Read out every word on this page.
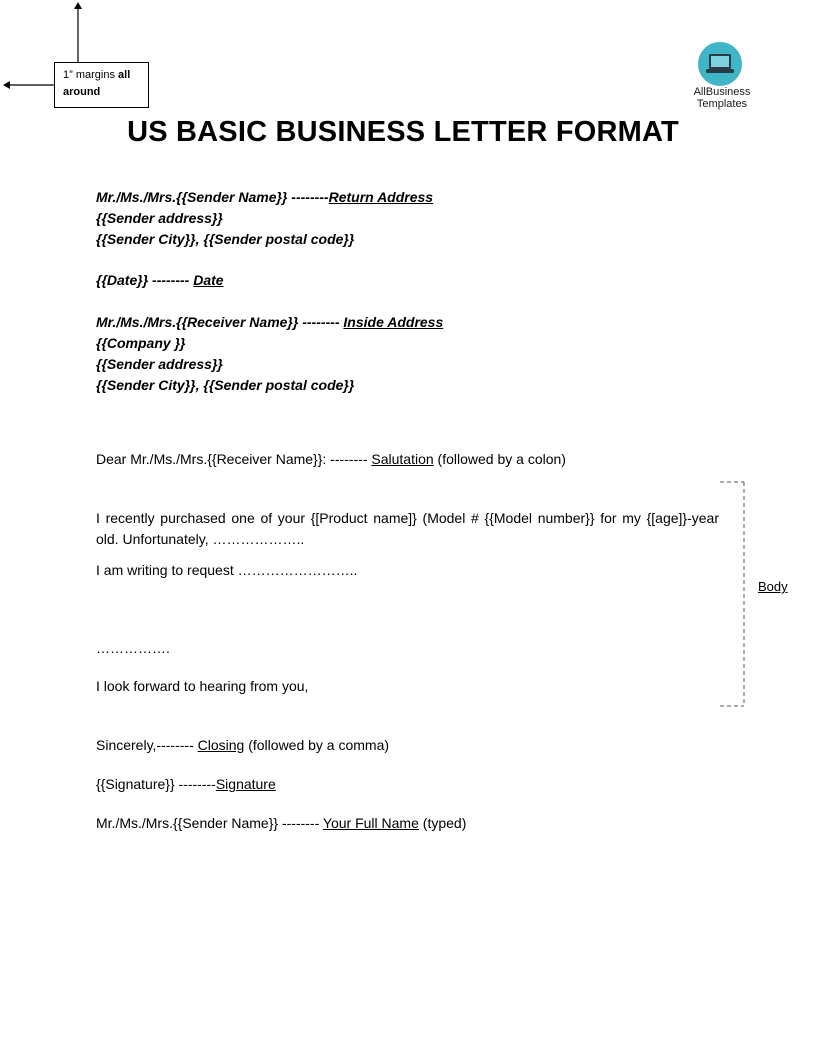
1” margins all around	AllBusiness
Templates
US BASIC BUSINESS LETTER FORMAT
Mr./Ms./Mrs.{{Sender Name}} --------Return Address
{{Sender address}}
{{Sender City}}, {{Sender postal code}}
{{Date}} -------- Date
Mr./Ms./Mrs.{{Receiver Name}} -------- Inside Address
{{Company }}
{{Sender address}}
{{Sender City}}, {{Sender postal code}}
Dear Mr./Ms./Mrs.{{Receiver Name}}: -------- Salutation (followed by a colon)
I recently purchased one of your {[Product name]} (Model # {{Model number}} for my {[age]}-year old. Unfortunately, ………………..
I am writing to request ……………………..
…………….
I look forward to hearing from you,
Body
Sincerely,-------- Closing (followed by a comma)
{{Signature}} --------Signature
Mr./Ms./Mrs.{{Sender Name}} -------- Your Full Name (typed)
